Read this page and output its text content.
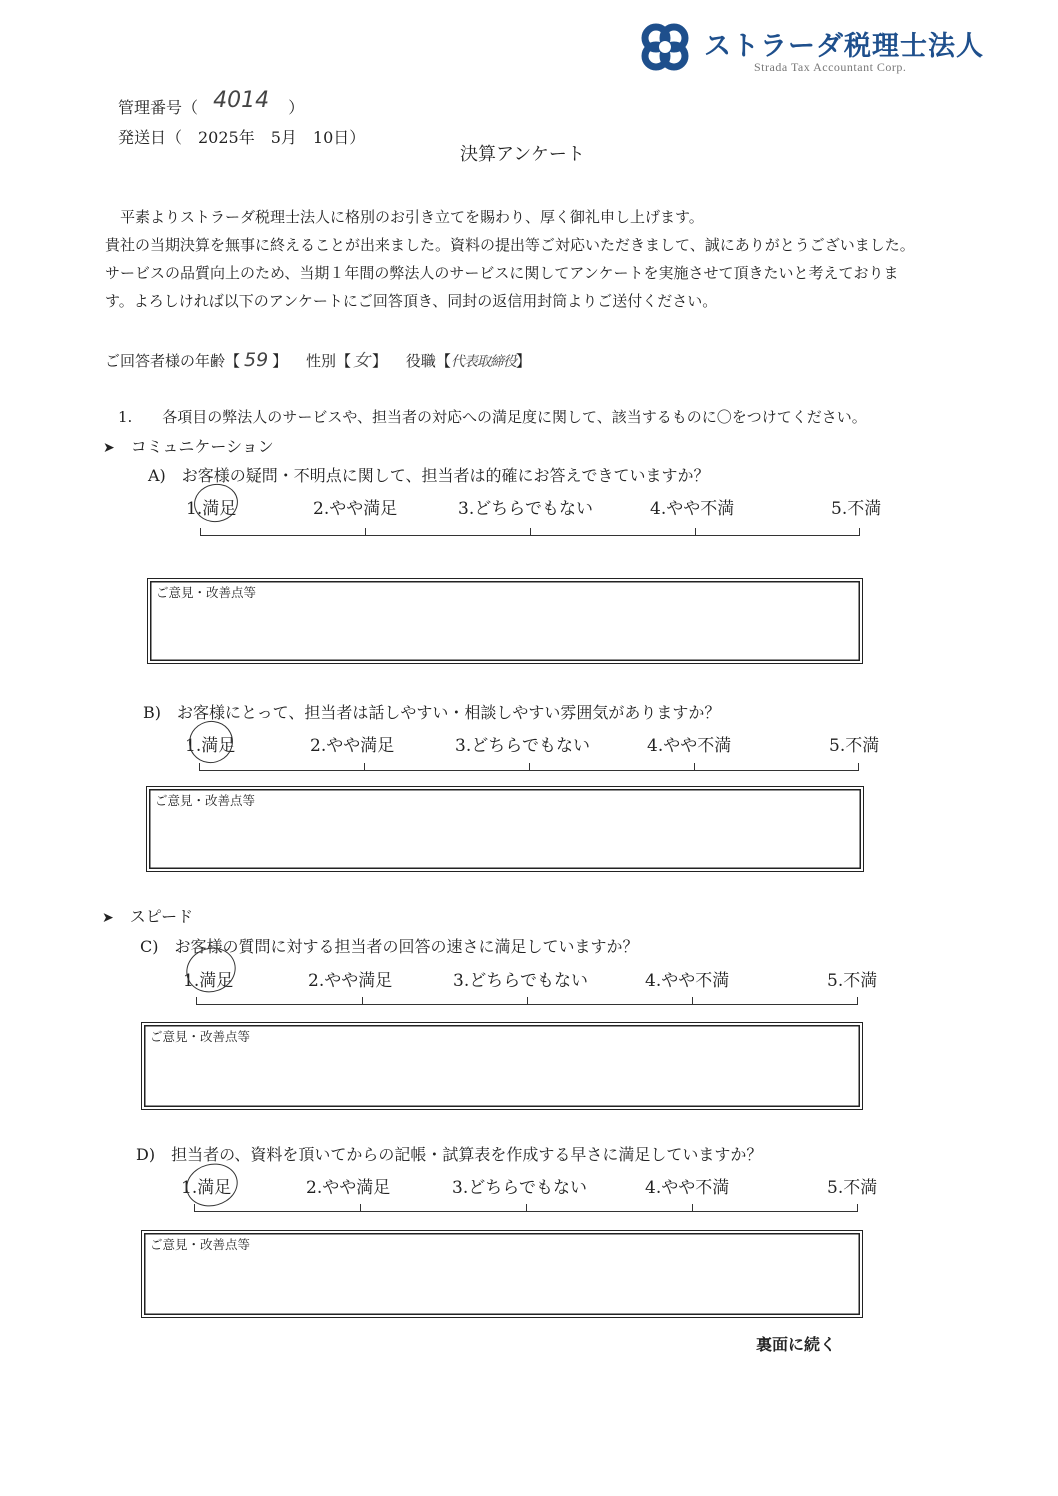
ストラーダ税理士法人
Strada Tax Accountant Corp.
管理番号（ 4014 ）
発送日（　2025年　5月　10日）
決算アンケート
　平素よりストラーダ税理士法人に格別のお引き立てを賜わり、厚く御礼申し上げます。
貴社の当期決算を無事に終えることが出来ました。資料の提出等ご対応いただきまして、誠にありがとうございました。
サービスの品質向上のため、当期１年間の弊法人のサービスに関してアンケートを実施させて頂きたいと考えておりま
す。よろしければ以下のアンケートにご回答頂き、同封の返信用封筒よりご送付ください。
ご回答者様の年齢【 59 】 性別【 女 】 役職【代表取締役】
1.　　各項目の弊法人のサービスや、担当者の対応への満足度に関して、該当するものに〇をつけてください。
➤ コミュニケーション
A)　お客様の疑問・不明点に関して、担当者は的確にお答えできていますか？
1.満足	2.やや満足	3.どちらでもない	4.やや不満	5.不満
ご意見・改善点等
B)　お客様にとって、担当者は話しやすい・相談しやすい雰囲気がありますか？
1.満足	2.やや満足	3.どちらでもない	4.やや不満	5.不満
ご意見・改善点等
➤ スピード
C)　お客様の質問に対する担当者の回答の速さに満足していますか？
1.満足	2.やや満足	3.どちらでもない	4.やや不満	5.不満
ご意見・改善点等
D)　担当者の、資料を頂いてからの記帳・試算表を作成する早さに満足していますか？
1.満足	2.やや満足	3.どちらでもない	4.やや不満	5.不満
ご意見・改善点等
裏面に続く
